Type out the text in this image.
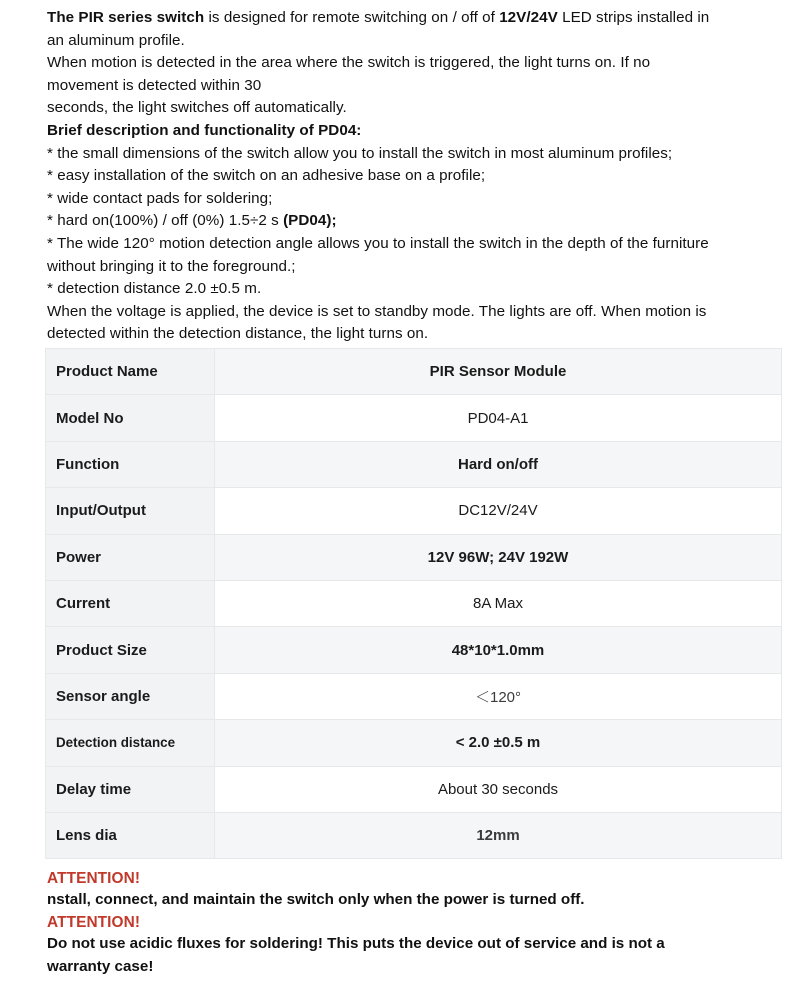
The PIR series switch is designed for remote switching on / off of 12V/24V LED strips installed in
an aluminum profile.
When motion is detected in the area where the switch is triggered, the light turns on. If no
movement is detected within 30
seconds, the light switches off automatically.
Brief description and functionality of PD04:
* the small dimensions of the switch allow you to install the switch in most aluminum profiles;
* easy installation of the switch on an adhesive base on a profile;
* wide contact pads for soldering;
* hard on(100%) / off (0%) 1.5÷2 s (PD04);
* The wide 120° motion detection angle allows you to install the switch in the depth of the furniture
without bringing it to the foreground.;
* detection distance 2.0 ±0.5 m.
When the voltage is applied, the device is set to standby mode. The lights are off. When motion is
detected within the detection distance, the light turns on.
Product Name	PIR Sensor Module
Model No	PD04-A1
Function	Hard on/off
Input/Output	DC12V/24V
Power	12V 96W; 24V 192W
Current	8A Max
Product Size	48*10*1.0mm
Sensor angle	＜120°
Detection distance	< 2.0 ±0.5 m
Delay time	About 30 seconds
Lens dia	12mm
ATTENTION!
nstall, connect, and maintain the switch only when the power is turned off.
ATTENTION!
Do not use acidic fluxes for soldering! This puts the device out of service and is not a
warranty case!
